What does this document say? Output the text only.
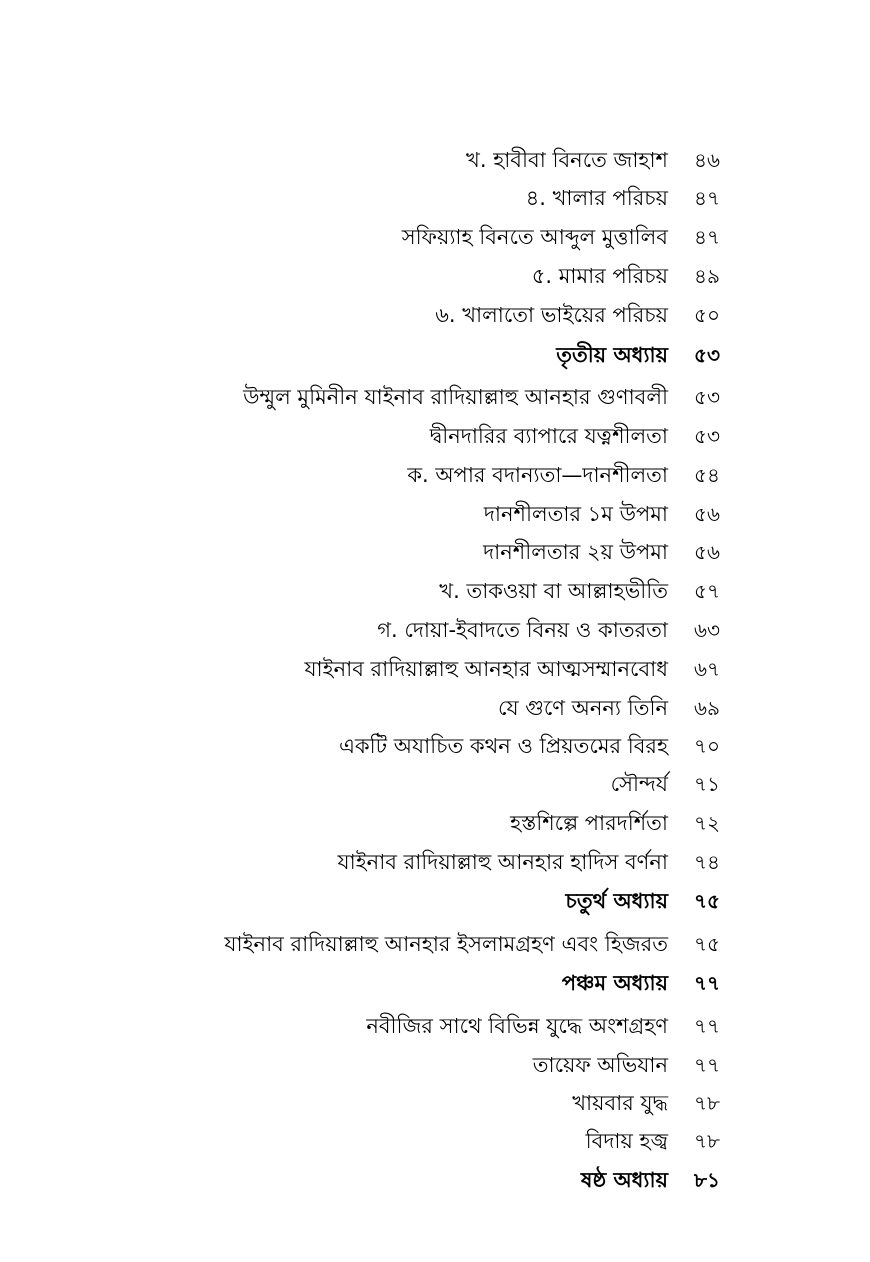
খ. হাবীবা বিনতে জাহাশ	৪৬
৪. খালার পরিচয়	৪৭
সফিয়্যাহ বিনতে আব্দুল মুত্তালিব	৪৭
৫. মামার পরিচয়	৪৯
৬. খালাতো ভাইয়ের পরিচয়	৫০
তৃতীয় অধ্যায়	৫৩
উম্মুল মুমিনীন যাইনাব রাদিয়াল্লাহু আনহার গুণাবলী	৫৩
দ্বীনদারির ব্যাপারে যত্নশীলতা	৫৩
ক. অপার বদান্যতা—দানশীলতা	৫৪
দানশীলতার ১ম উপমা	৫৬
দানশীলতার ২য় উপমা	৫৬
খ. তাকওয়া বা আল্লাহভীতি	৫৭
গ. দোয়া-ইবাদতে বিনয় ও কাতরতা	৬৩
যাইনাব রাদিয়াল্লাহু আনহার আত্মসম্মানবোধ	৬৭
যে গুণে অনন্য তিনি	৬৯
একটি অযাচিত কথন ও প্রিয়তমের বিরহ	৭০
সৌন্দর্য	৭১
হস্তশিল্পে পারদর্শিতা	৭২
যাইনাব রাদিয়াল্লাহু আনহার হাদিস বর্ণনা	৭৪
চতুর্থ অধ্যায়	৭৫
যাইনাব রাদিয়াল্লাহু আনহার ইসলামগ্রহণ এবং হিজরত	৭৫
পঞ্চম অধ্যায়	৭৭
নবীজির সাথে বিভিন্ন যুদ্ধে অংশগ্রহণ	৭৭
তায়েফ অভিযান	৭৭
খায়বার যুদ্ধ	৭৮
বিদায় হজ্ব	৭৮
ষষ্ঠ অধ্যায়	৮১
